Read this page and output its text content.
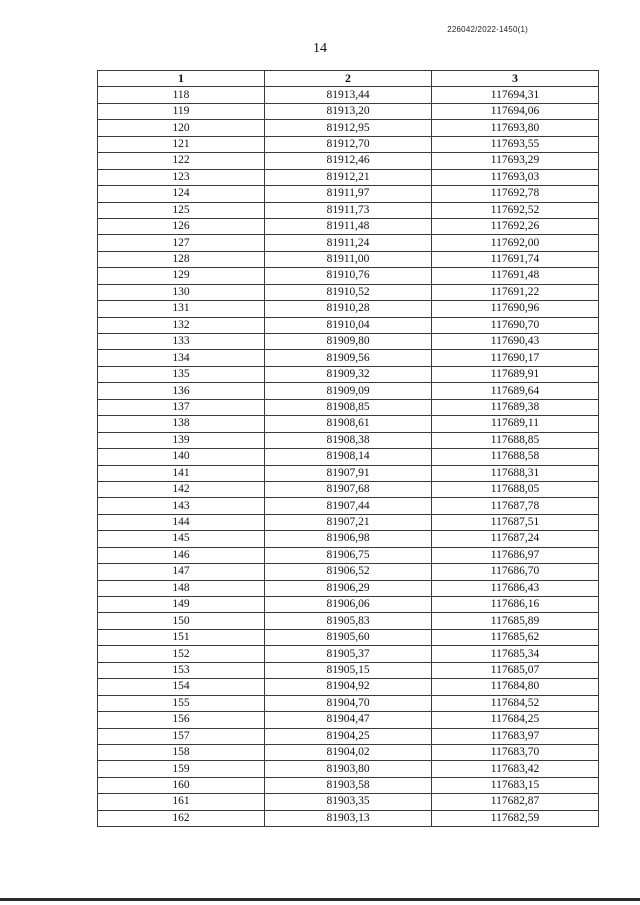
226042/2022-1450(1)
14
1	2	3
118	81913,44	117694,31
119	81913,20	117694,06
120	81912,95	117693,80
121	81912,70	117693,55
122	81912,46	117693,29
123	81912,21	117693,03
124	81911,97	117692,78
125	81911,73	117692,52
126	81911,48	117692,26
127	81911,24	117692,00
128	81911,00	117691,74
129	81910,76	117691,48
130	81910,52	117691,22
131	81910,28	117690,96
132	81910,04	117690,70
133	81909,80	117690,43
134	81909,56	117690,17
135	81909,32	117689,91
136	81909,09	117689,64
137	81908,85	117689,38
138	81908,61	117689,11
139	81908,38	117688,85
140	81908,14	117688,58
141	81907,91	117688,31
142	81907,68	117688,05
143	81907,44	117687,78
144	81907,21	117687,51
145	81906,98	117687,24
146	81906,75	117686,97
147	81906,52	117686,70
148	81906,29	117686,43
149	81906,06	117686,16
150	81905,83	117685,89
151	81905,60	117685,62
152	81905,37	117685,34
153	81905,15	117685,07
154	81904,92	117684,80
155	81904,70	117684,52
156	81904,47	117684,25
157	81904,25	117683,97
158	81904,02	117683,70
159	81903,80	117683,42
160	81903,58	117683,15
161	81903,35	117682,87
162	81903,13	117682,59
